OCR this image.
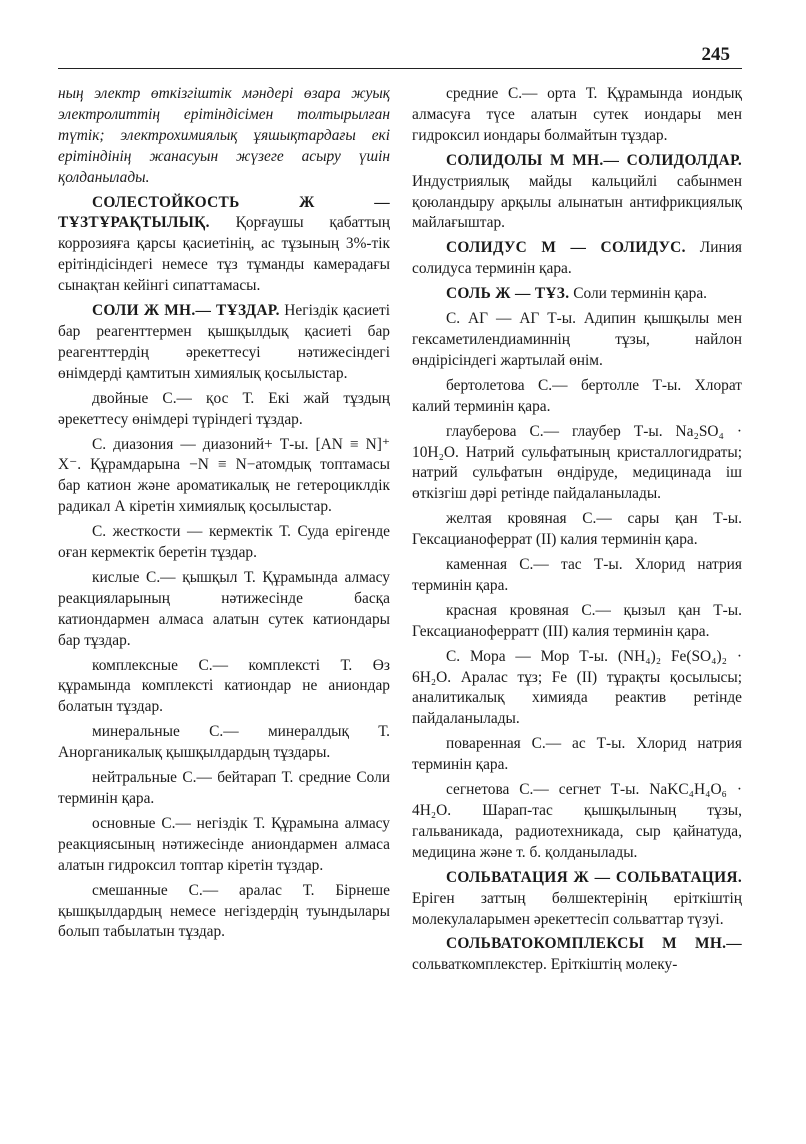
245

ның электр өткізгіштік мәндері өзара жуық электролиттің ерітіндісімен толтырылған түтік; электрохимиялық ұяшықтардағы екі ерітіндінің жанасуын жүзеге асыру үшін қолданылады.

СОЛЕСТОЙКОСТЬ Ж — ТҰЗТҰРАҚТЫЛЫҚ. Қорғаушы қабаттың коррозияға қарсы қасиетінің, ас тұзының 3%-тік ерітіндісіндегі немесе тұз тұманды камерадағы сынақтан кейінгі сипаттамасы.

СОЛИ Ж МН.— ТҰЗДАР. Негіздік қасиеті бар реагенттермен қышқылдық қасиеті бар реагенттердің әрекеттесуі нәтижесіндегі өнімдерді қамтитын химиялық қосылыстар.

двойные С.— қос Т. Екі жай тұздың әрекеттесу өнімдері түріндегі тұздар.

С. диазония — диазоний+ Т-ы. [AN ≡ N]⁺ X⁻. Құрамдарына −N ≡ N−атомдық топтамасы бар катион және ароматикалық не гетероциклдік радикал А кіретін химиялық қосылыстар.

С. жесткости — кермектік Т. Суда ерігенде оған кермектік беретін тұздар.

кислые С.— қышқыл Т. Құрамында алмасу реакцияларының нәтижесінде басқа катиондармен алмаса алатын сутек катиондары бар тұздар.

комплексные С.— комплексті Т. Өз құрамында комплексті катиондар не аниондар болатын тұздар.

минеральные С.— минералдық Т. Анорганикалық қышқылдардың тұздары.

нейтральные С.— бейтарап Т. средние Соли терминін қара.

основные С.— негіздік Т. Құрамына алмасу реакциясының нәтижесінде аниондармен алмаса алатын гидроксил топтар кіретін тұздар.

смешанные С.— аралас Т. Бірнеше қышқылдардың немесе негіздердің туындылары болып табылатын тұздар.

средние С.— орта Т. Құрамында иондық алмасуға түсе алатын сутек иондары мен гидроксил иондары болмайтын тұздар.

СОЛИДОЛЫ М МН.— СОЛИДОЛДАР. Индустриялық майды кальцийлі сабынмен қоюландыру арқылы алынатын антифрикциялық майлағыштар.

СОЛИДУС М — СОЛИДУС. Линия солидуса терминін қара.

СОЛЬ Ж — ТҰЗ. Соли терминін қара.

С. АГ — АГ Т-ы. Адипин қышқылы мен гексаметилендиаминнің тұзы, найлон өндірісіндегі жартылай өнім.

бертолетова С.— бертолле Т-ы. Хлорат калий терминін қара.

глауберова С.— глаубер Т-ы. Na₂SO₄ · 10H₂O. Натрий сульфатының кристаллогидраты; натрий сульфатын өндіруде, медицинада іш өткізгіш дәрі ретінде пайдаланылады.

желтая кровяная С.— сары қан Т-ы. Гексацианоферрат (II) калия терминін қара.

каменная С.— тас Т-ы. Хлорид натрия терминін қара.

красная кровяная С.— қызыл қан Т-ы. Гексацианоферратт (III) калия терминін қара.

С. Мора — Мор Т-ы. (NH₄)₂ Fe(SO₄)₂ · 6H₂O. Аралас тұз; Fe (II) тұрақты қосылысы; аналитикалық химияда реактив ретінде пайдаланылады.

поваренная С.— ас Т-ы. Хлорид натрия терминін қара.

сегнетова С.— сегнет Т-ы. NaKC₄H₄O₆ · 4H₂O. Шарап-тас қышқылының тұзы, гальваникада, радиотехникада, сыр қайнатуда, медицина және т. б. қолданылады.

СОЛЬВАТАЦИЯ Ж — СОЛЬВАТАЦИЯ. Еріген заттың бөлшектерінің еріткіштің молекулаларымен әрекеттесіп сольваттар түзуі.

СОЛЬВАТОКОМПЛЕКСЫ М МН.— сольваткомплекстер. Еріткіштің молеку-
